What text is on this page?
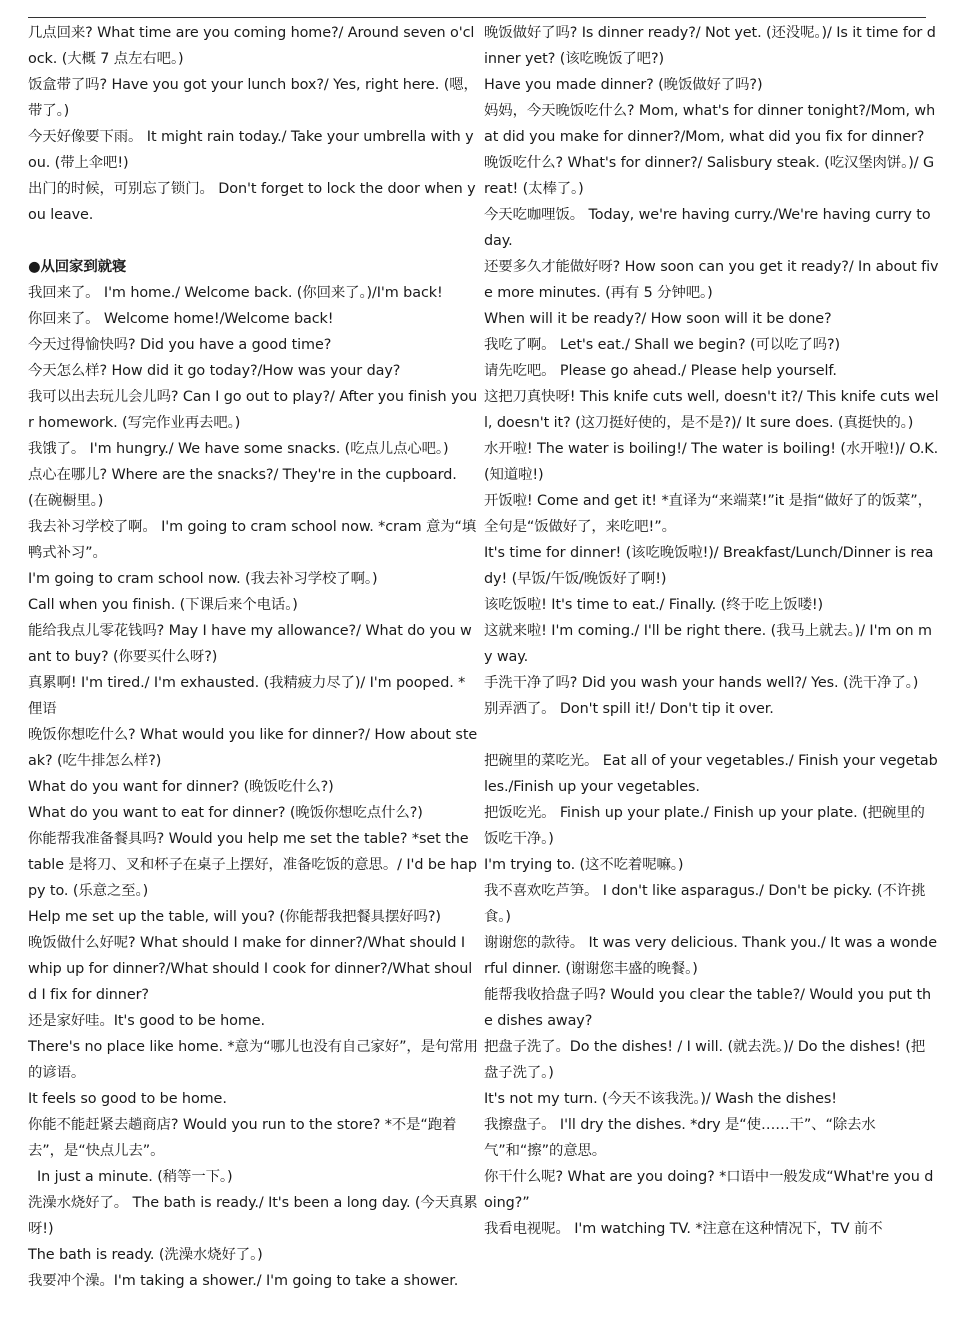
几点回来? What time are you coming home?/ Around seven o'clock. (大概 7 点左右吧。)

饭盒带了吗? Have you got your lunch box?/ Yes, right here. (嗯，带了。)

今天好像要下雨。 It might rain today./ Take your umbrella with you. (带上伞吧!)

出门的时候，可别忘了锁门。 Don't forget to lock the door when you leave.

●从回家到就寝

我回来了。 I'm home./ Welcome back. (你回来了。)/I'm back!

你回来了。 Welcome home!/Welcome back!

今天过得愉快吗? Did you have a good time?

今天怎么样? How did it go today?/How was your day?

我可以出去玩儿会儿吗? Can I go out to play?/ After you finish your homework. (写完作业再去吧。)

我饿了。 I'm hungry./ We have some snacks. (吃点儿点心吧。)

点心在哪儿? Where are the snacks?/ They're in the cupboard. (在碗橱里。)

我去补习学校了啊。 I'm going to cram school now. *cram 意为“填鸭式补习”。

I'm going to cram school now. (我去补习学校了啊。)

Call when you finish. (下课后来个电话。)

能给我点儿零花钱吗? May I have my allowance?/ What do you want to buy? (你要买什么呀?)

真累啊! I'm tired./ I'm exhausted. (我精疲力尽了)/ I'm pooped. *俚语

晚饭你想吃什么? What would you like for dinner?/ How about steak? (吃牛排怎么样?)

What do you want for dinner? (晚饭吃什么?)

What do you want to eat for dinner? (晚饭你想吃点什么?)

你能帮我准备餐具吗? Would you help me set the table? *set the table 是将刀、叉和杯子在桌子上摆好，准备吃饭的意思。/ I'd be happy to. (乐意之至。)

Help me set up the table, will you? (你能帮我把餐具摆好吗?)

晚饭做什么好呢? What should I make for dinner?/What should I whip up for dinner?/What should I cook for dinner?/What should I fix for dinner?

还是家好哇。It's good to be home.

There's no place like home. *意为“哪儿也没有自己家好”，是句常用的谚语。

It feels so good to be home.

你能不能赶紧去趟商店? Would you run to the store? *不是“跑着去”，是“快点儿去”。

In just a minute. (稍等一下。)

洗澡水烧好了。 The bath is ready./ It's been a long day. (今天真累呀!)

The bath is ready. (洗澡水烧好了。)

我要冲个澡。I'm taking a shower./ I'm going to take a shower.

晚饭做好了吗? Is dinner ready?/ Not yet. (还没呢。)/ Is it time for dinner yet? (该吃晚饭了吧?)

Have you made dinner? (晚饭做好了吗?)

妈妈，今天晚饭吃什么? Mom, what's for dinner tonight?/Mom, what did you make for dinner?/Mom, what did you fix for dinner?

晚饭吃什么? What's for dinner?/ Salisbury steak. (吃汉堡肉饼。)/ Great! (太棒了。)

今天吃咖哩饭。 Today, we're having curry./We're having curry today.

还要多久才能做好呀? How soon can you get it ready?/ In about five more minutes. (再有 5 分钟吧。)

When will it be ready?/ How soon will it be done?

我吃了啊。 Let's eat./ Shall we begin? (可以吃了吗?)

请先吃吧。 Please go ahead./ Please help yourself.

这把刀真快呀! This knife cuts well, doesn't it?/ This knife cuts well, doesn't it? (这刀挺好使的，是不是?)/ It sure does. (真挺快的。)

水开啦! The water is boiling!/ The water is boiling! (水开啦!)/ O.K. (知道啦!)

开饭啦! Come and get it! *直译为“来端菜!”it 是指“做好了的饭菜”，全句是“饭做好了，来吃吧!”。

It's time for dinner! (该吃晚饭啦!)/ Breakfast/Lunch/Dinner is ready! (早饭/午饭/晚饭好了啊!)

该吃饭啦! It's time to eat./ Finally. (终于吃上饭喽!)

这就来啦! I'm coming./ I'll be right there. (我马上就去。)/ I'm on my way.

手洗干净了吗? Did you wash your hands well?/ Yes. (洗干净了。)

别弄洒了。 Don't spill it!/ Don't tip it over.

把碗里的菜吃光。 Eat all of your vegetables./ Finish your vegetables./Finish up your vegetables.

把饭吃光。 Finish up your plate./ Finish up your plate. (把碗里的饭吃干净。)

I'm trying to. (这不吃着呢嘛。)

我不喜欢吃芦笋。 I don't like asparagus./ Don't be picky. (不许挑食。)

谢谢您的款待。 It was very delicious. Thank you./ It was a wonderful dinner. (谢谢您丰盛的晚餐。)

能帮我收拾盘子吗? Would you clear the table?/ Would you put the dishes away?

把盘子洗了。Do the dishes! / I will. (就去洗。)/ Do the dishes! (把盘子洗了。)

It's not my turn. (今天不该我洗。)/ Wash the dishes!

我擦盘子。 I'll dry the dishes. *dry 是“使……干”、“除去水气”和“擦”的意思。

你干什么呢? What are you doing? *口语中一般发成“What're you doing?”

我看电视呢。 I'm watching TV. *注意在这种情况下，TV 前不
